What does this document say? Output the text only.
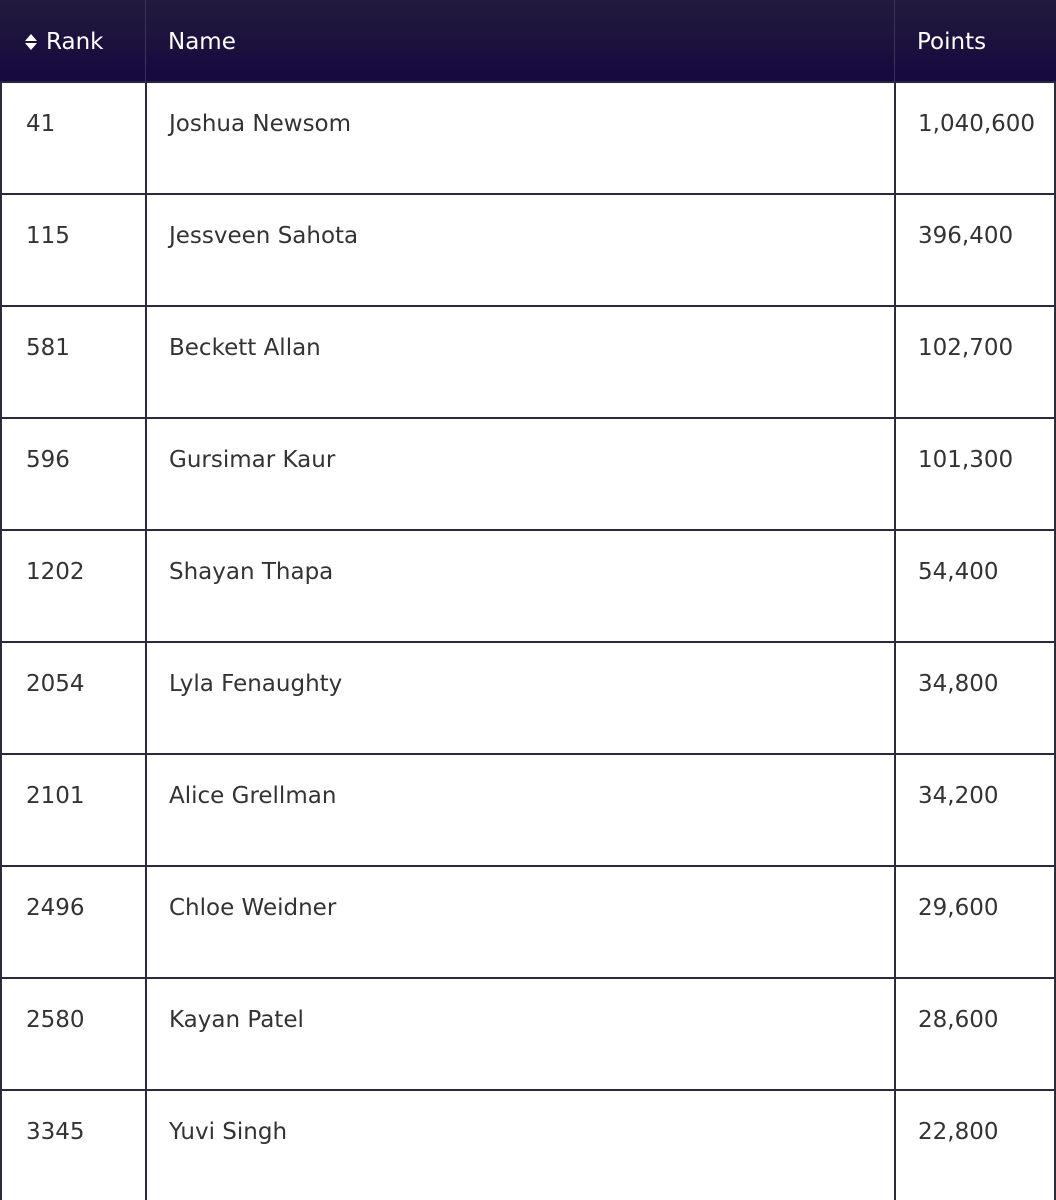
Rank	Name	Points
41	Joshua Newsom	1,040,600
115	Jessveen Sahota	396,400
581	Beckett Allan	102,700
596	Gursimar Kaur	101,300
1202	Shayan Thapa	54,400
2054	Lyla Fenaughty	34,800
2101	Alice Grellman	34,200
2496	Chloe Weidner	29,600
2580	Kayan Patel	28,600
3345	Yuvi Singh	22,800
